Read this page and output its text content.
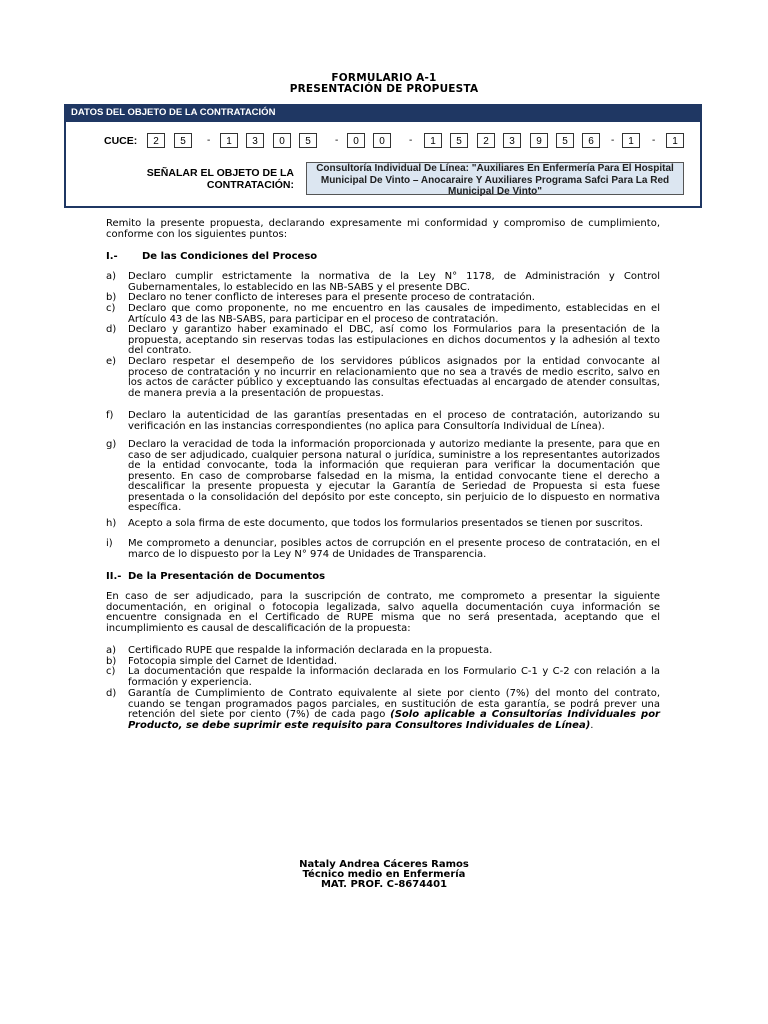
FORMULARIO A-1
PRESENTACIÓN DE PROPUESTA
DATOS DEL OBJETO DE LA CONTRATACIÓN
CUCE:	2	5	1	3	0	5	0	0	1	5	2	3	9	5	6	1	1
-	-	-	-	-
SEÑALAR EL OBJETO DE LA CONTRATACIÓN:
Consultoría Individual De Línea: "Auxiliares En Enfermería Para El Hospital Municipal De Vinto – Anocaraire Y Auxiliares Programa Safci Para La Red Municipal De Vinto"
Remito la presente propuesta, declarando expresamente mi conformidad y compromiso de cumplimiento, conforme con los siguientes puntos:
I.- De las Condiciones del Proceso
a)	Declaro cumplir estrictamente la normativa de la Ley N° 1178, de Administración y Control Gubernamentales, lo establecido en las NB-SABS y el presente DBC.
b)	Declaro no tener conflicto de intereses para el presente proceso de contratación.
c)	Declaro que como proponente, no me encuentro en las causales de impedimento, establecidas en el Artículo 43 de las NB-SABS, para participar en el proceso de contratación.
d)	Declaro y garantizo haber examinado el DBC, así como los Formularios para la presentación de la propuesta, aceptando sin reservas todas las estipulaciones en dichos documentos y la adhesión al texto del contrato.
e)	Declaro respetar el desempeño de los servidores públicos asignados por la entidad convocante al proceso de contratación y no incurrir en relacionamiento que no sea a través de medio escrito, salvo en los actos de carácter público y exceptuando las consultas efectuadas al encargado de atender consultas, de manera previa a la presentación de propuestas.
f)	Declaro la autenticidad de las garantías presentadas en el proceso de contratación, autorizando su verificación en las instancias correspondientes (no aplica para Consultoría Individual de Línea).
g)	Declaro la veracidad de toda la información proporcionada y autorizo mediante la presente, para que en caso de ser adjudicado, cualquier persona natural o jurídica, suministre a los representantes autorizados de la entidad convocante, toda la información que requieran para verificar la documentación que presento. En caso de comprobarse falsedad en la misma, la entidad convocante tiene el derecho a descalificar la presente propuesta y ejecutar la Garantía de Seriedad de Propuesta si esta fuese presentada o la consolidación del depósito por este concepto, sin perjuicio de lo dispuesto en normativa específica.
h)	Acepto a sola firma de este documento, que todos los formularios presentados se tienen por suscritos.
i)	Me comprometo a denunciar, posibles actos de corrupción en el presente proceso de contratación, en el marco de lo dispuesto por la Ley N° 974 de Unidades de Transparencia.
II.- De la Presentación de Documentos
En caso de ser adjudicado, para la suscripción de contrato, me comprometo a presentar la siguiente documentación, en original o fotocopia legalizada, salvo aquella documentación cuya información se encuentre consignada en el Certificado de RUPE misma que no será presentada, aceptando que el incumplimiento es causal de descalificación de la propuesta:
a)	Certificado RUPE que respalde la información declarada en la propuesta.
b)	Fotocopia simple del Carnet de Identidad.
c)	La documentación que respalde la información declarada en los Formulario C-1 y C-2 con relación a la formación y experiencia.
d)	Garantía de Cumplimiento de Contrato equivalente al siete por ciento (7%) del monto del contrato, cuando se tengan programados pagos parciales, en sustitución de esta garantía, se podrá prever una retención del siete por ciento (7%) de cada pago (Solo aplicable a Consultorías Individuales por Producto, se debe suprimir este requisito para Consultores Individuales de Línea).
Nataly Andrea Cáceres Ramos
Técnico medio en Enfermería
MAT. PROF. C-8674401
